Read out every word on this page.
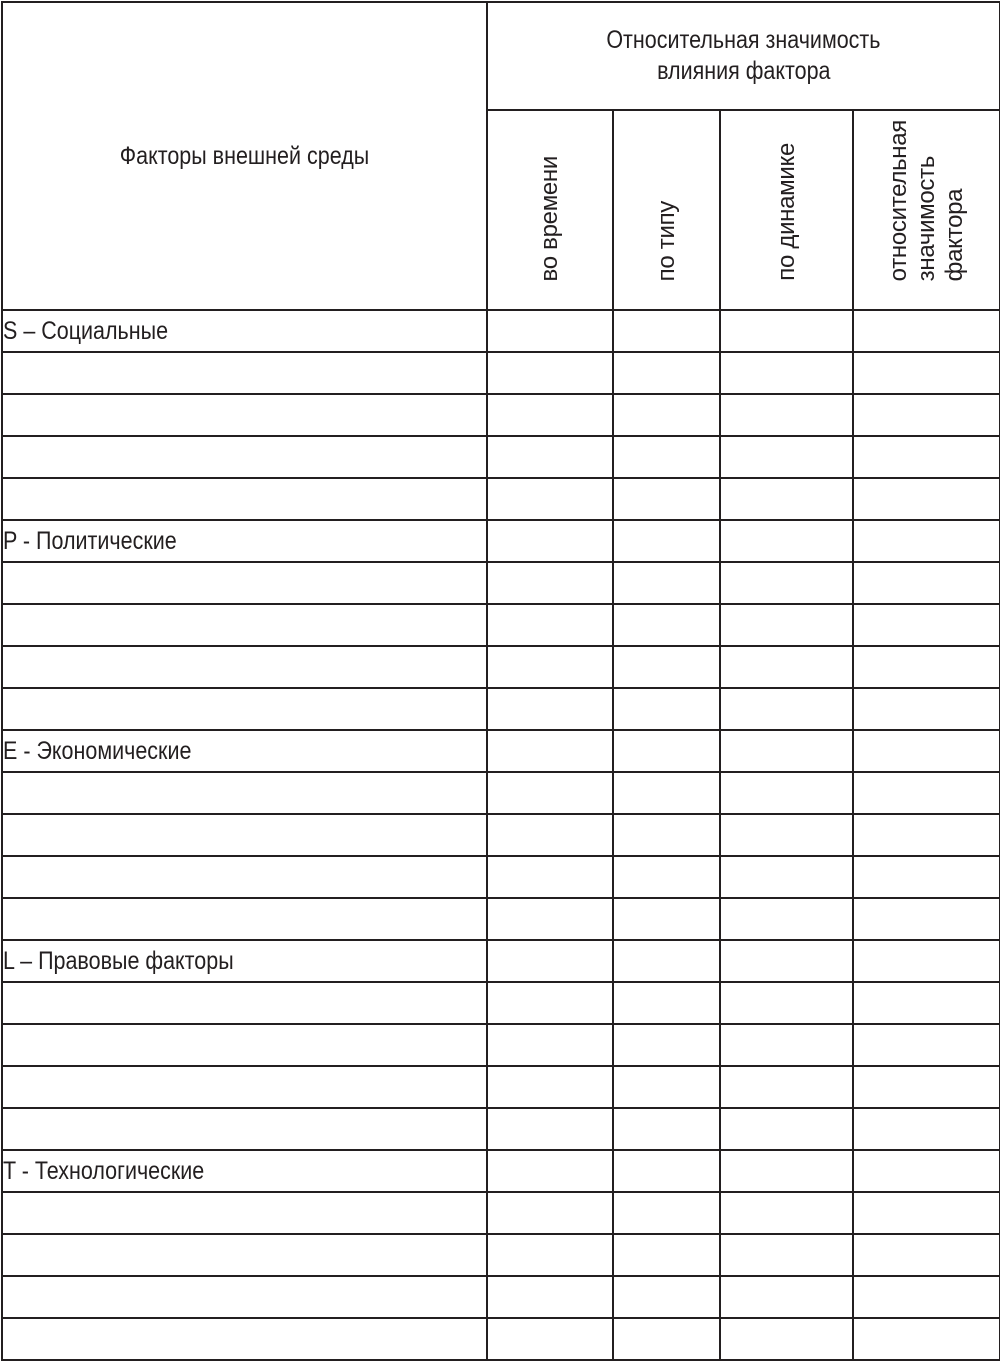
Факторы внешней среды	Относительная значимость
влияния фактора			

	во времени	по типу	по динамике	относительная
значимость
фактора

S – Социальные				

P - Политические				

E - Экономические				

L – Правовые факторы				

T - Технологические				
